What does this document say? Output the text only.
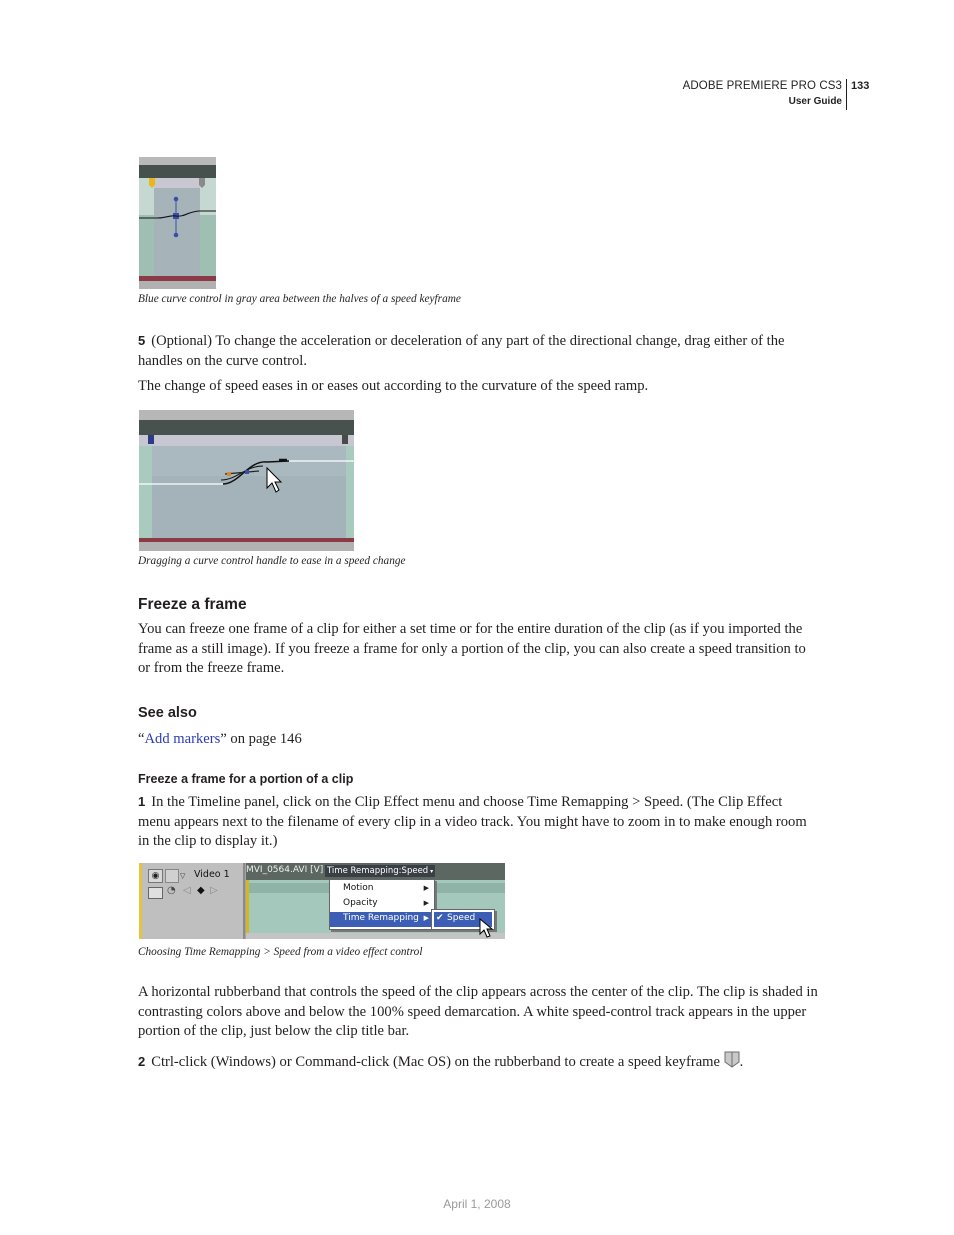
ADOBE PREMIERE PRO CS3
User Guide
133
Blue curve control in gray area between the halves of a speed keyframe
5 (Optional) To change the acceleration or deceleration of any part of the directional change, drag either of the handles on the curve control.
The change of speed eases in or eases out according to the curvature of the speed ramp.
Dragging a curve control handle to ease in a speed change
Freeze a frame
You can freeze one frame of a clip for either a set time or for the entire duration of the clip (as if you imported the frame as a still image). If you freeze a frame for only a portion of the clip, you can also create a speed transition to or from the freeze frame.
See also
“Add markers” on page 146
Freeze a frame for a portion of a clip
1 In the Timeline panel, click on the Clip Effect menu and choose Time Remapping > Speed. (The Clip Effect menu appears next to the filename of every clip in a video track. You might have to zoom in to make enough room in the clip to display it.)
◉	▽ Video 1
◔ ◁ ◆ ▷
MVI_0564.AVI [V] Time Remapping:Speed ▾
Motion	▶
Opacity	▶
Time Remapping ▶ ✔ Speed
Choosing Time Remapping > Speed from a video effect control
A horizontal rubberband that controls the speed of the clip appears across the center of the clip. The clip is shaded in contrasting colors above and below the 100% speed demarcation. A white speed-control track appears in the upper portion of the clip, just below the clip title bar.
2 Ctrl-click (Windows) or Command-click (Mac OS) on the rubberband to create a speed keyframe .
April 1, 2008
